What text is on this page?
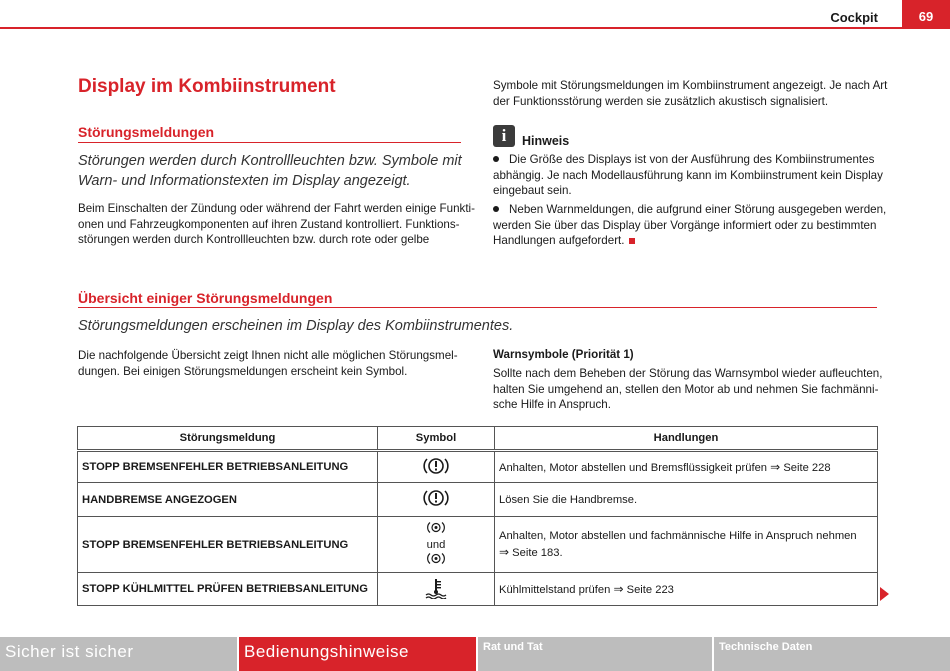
Cockpit	69
Display im Kombiinstrument
Störungsmeldungen
Störungen werden durch Kontrollleuchten bzw. Symbole mit
Warn- und Informationstexten im Display angezeigt.
Beim Einschalten der Zündung oder während der Fahrt werden einige Funkti-
onen und Fahrzeugkomponenten auf ihren Zustand kontrolliert. Funktions-
störungen werden durch Kontrollleuchten bzw. durch rote oder gelbe
Symbole mit Störungsmeldungen im Kombiinstrument angezeigt. Je nach Art
der Funktionsstörung werden sie zusätzlich akustisch signalisiert.
i	Hinweis
Die Größe des Displays ist von der Ausführung des Kombiinstrumentes
abhängig. Je nach Modellausführung kann im Kombiinstrument kein Display
eingebaut sein.
Neben Warnmeldungen, die aufgrund einer Störung ausgegeben werden,
werden Sie über das Display über Vorgänge informiert oder zu bestimmten
Handlungen aufgefordert.
Übersicht einiger Störungsmeldungen
Störungsmeldungen erscheinen im Display des Kombiinstrumentes.
Die nachfolgende Übersicht zeigt Ihnen nicht alle möglichen Störungsmel-
dungen. Bei einigen Störungsmeldungen erscheint kein Symbol.
Warnsymbole (Priorität 1)
Sollte nach dem Beheben der Störung das Warnsymbol wieder aufleuchten,
halten Sie umgehend an, stellen den Motor ab und nehmen Sie fachmänni-
sche Hilfe in Anspruch.
Störungsmeldung	Symbol	Handlungen
STOPP BREMSENFEHLER BETRIEBSANLEITUNG		Anhalten, Motor abstellen und Bremsflüssigkeit prüfen ⇒ Seite 228
HANDBREMSE ANGEZOGEN		Lösen Sie die Handbremse.
STOPP BREMSENFEHLER BETRIEBSANLEITUNG	und	Anhalten, Motor abstellen und fachmännische Hilfe in Anspruch nehmen
⇒ Seite 183.
STOPP KÜHLMITTEL PRÜFEN BETRIEBSANLEITUNG		Kühlmittelstand prüfen ⇒ Seite 223
Sicher ist sicher	Bedienungshinweise	Rat und Tat	Technische Daten
